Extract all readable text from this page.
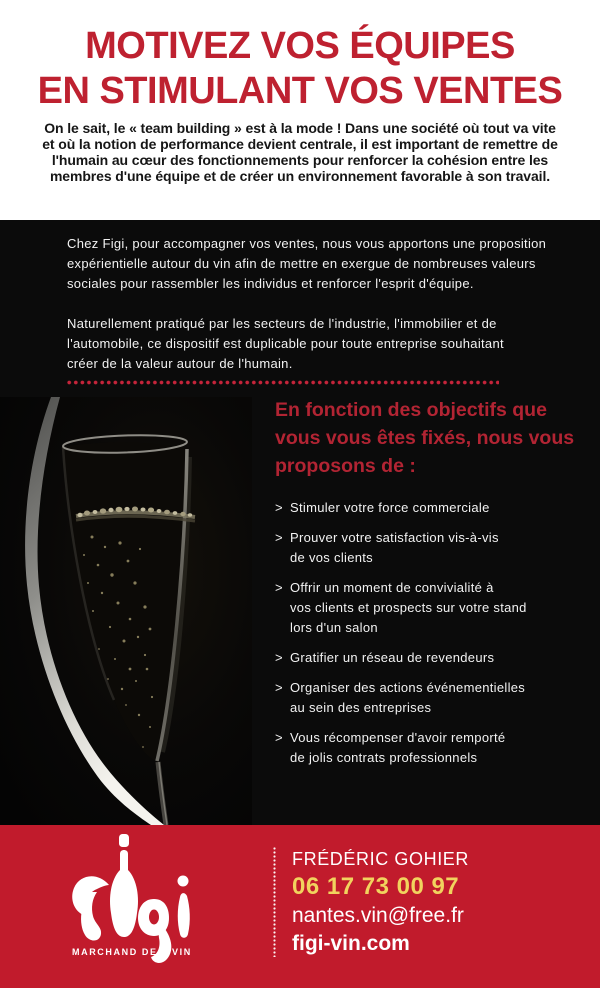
MOTIVEZ VOS ÉQUIPES
EN STIMULANT VOS VENTES

On le sait, le « team building » est à la mode ! Dans une société où tout va vite
et où la notion de performance devient centrale, il est important de remettre de
l'humain au cœur des fonctionnements pour renforcer la cohésion entre les
membres d'une équipe et de créer un environnement favorable à son travail.

Chez Figi, pour accompagner vos ventes, nous vous apportons une proposition
expérientielle autour du vin afin de mettre en exergue de nombreuses valeurs
sociales pour rassembler les individus et renforcer l'esprit d'équipe.

Naturellement pratiqué par les secteurs de l'industrie, l'immobilier et de
l'automobile, ce dispositif est duplicable pour toute entreprise souhaitant
créer de la valeur autour de l'humain.

En fonction des objectifs que
vous vous êtes fixés, nous vous
proposons de :
> Stimuler votre force commerciale
> Prouver votre satisfaction vis-à-vis
de vos clients
> Offrir un moment de convivialité à
vos clients et prospects sur votre stand
lors d'un salon
> Gratifier un réseau de revendeurs
> Organiser des actions événementielles
au sein des entreprises
> Vous récompenser d'avoir remporté
de jolis contrats professionnels
MARCHAND DE VIN
FRÉDÉRIC GOHIER
06 17 73 00 97
nantes.vin@free.fr
figi-vin.com
